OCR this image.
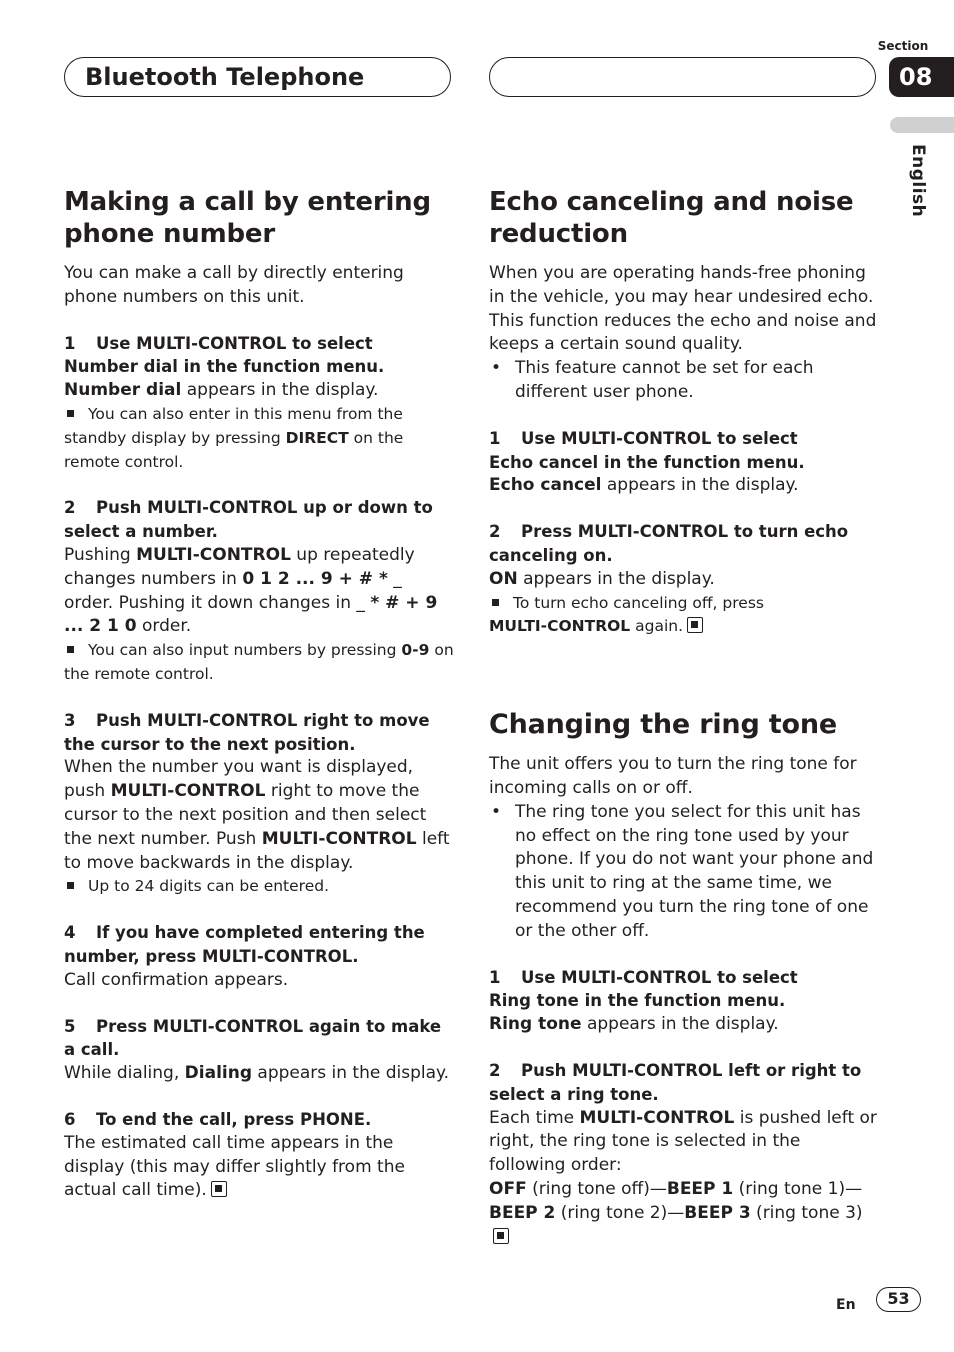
Section
08
Bluetooth Telephone
English
Making a call by entering
phone number

You can make a call by directly entering phone numbers on this unit.

1 Use MULTI-CONTROL to select
Number dial in the function menu.

Number dial appears in the display.

You can also enter in this menu from the standby display by pressing DIRECT on the remote control.
2 Push MULTI-CONTROL up or down to select a number.

Pushing MULTI-CONTROL up repeatedly changes numbers in 0 1 2 ... 9 + # * _ order. Pushing it down changes in _ * # + 9 ... 2 1 0 order.

You can also input numbers by pressing 0-9 on the remote control.
3 Push MULTI-CONTROL right to move the cursor to the next position.

When the number you want is displayed, push MULTI-CONTROL right to move the cursor to the next position and then select the next number. Push MULTI-CONTROL left to move backwards in the display.

Up to 24 digits can be entered.
4 If you have completed entering the number, press MULTI-CONTROL.

Call confirmation appears.

5 Press MULTI-CONTROL again to make a call.

While dialing, Dialing appears in the display.

6 To end the call, press PHONE.

The estimated call time appears in the display (this may differ slightly from the actual call time).

Echo canceling and noise
reduction

When you are operating hands-free phoning in the vehicle, you may hear undesired echo. This function reduces the echo and noise and keeps a certain sound quality.

• This feature cannot be set for each different user phone.
1 Use MULTI-CONTROL to select
Echo cancel in the function menu.

Echo cancel appears in the display.

2 Press MULTI-CONTROL to turn echo canceling on.

ON appears in the display.

To turn echo canceling off, press
MULTI-CONTROL again.
Changing the ring tone

The unit offers you to turn the ring tone for incoming calls on or off.

• The ring tone you select for this unit has no effect on the ring tone used by your phone. If you do not want your phone and this unit to ring at the same time, we recommend you turn the ring tone of one or the other off.
1 Use MULTI-CONTROL to select
Ring tone in the function menu.

Ring tone appears in the display.

2 Push MULTI-CONTROL left or right to select a ring tone.

Each time MULTI-CONTROL is pushed left or right, the ring tone is selected in the following order:

OFF (ring tone off)—BEEP 1 (ring tone 1)—
BEEP 2 (ring tone 2)—BEEP 3 (ring tone 3)

En	53
